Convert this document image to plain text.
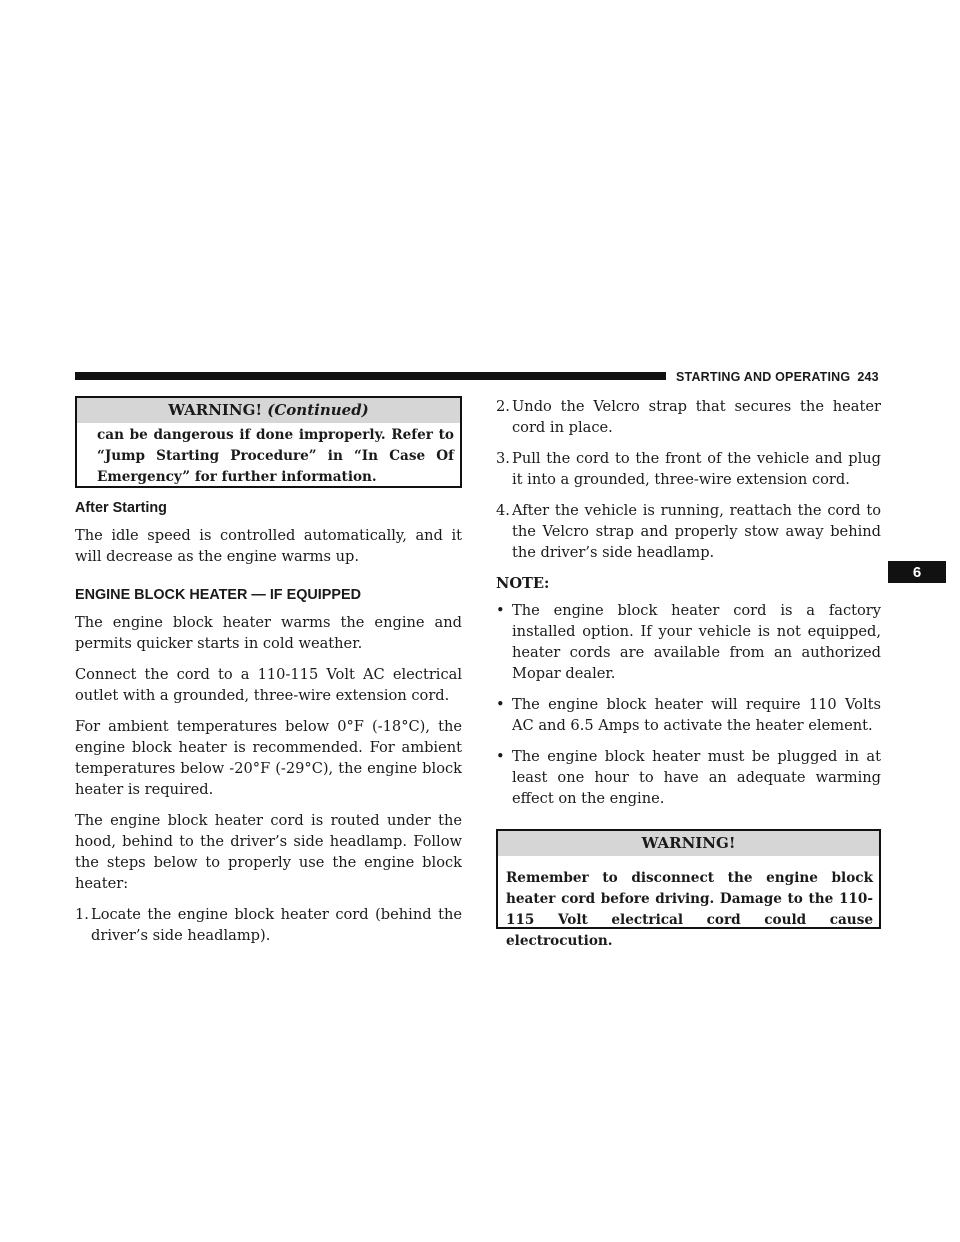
STARTING AND OPERATING 243
6
WARNING! (Continued)
can be dangerous if done improperly. Refer to “Jump Starting Procedure” in “In Case Of Emergency” for further information.
After Starting

The idle speed is controlled automatically, and it will decrease as the engine warms up.

ENGINE BLOCK HEATER — IF EQUIPPED

The engine block heater warms the engine and permits quicker starts in cold weather.

Connect the cord to a 110-115 Volt AC electrical outlet with a grounded, three-wire extension cord.

For ambient temperatures below 0°F (-18°C), the engine block heater is recommended. For ambient temperatures below -20°F (-29°C), the engine block heater is required.

The engine block heater cord is routed under the hood, behind to the driver’s side headlamp. Follow the steps below to properly use the engine block heater:

1. Locate the engine block heater cord (behind the driver’s side headlamp).
2. Undo the Velcro strap that secures the heater cord in place.
3. Pull the cord to the front of the vehicle and plug it into a grounded, three-wire extension cord.
4. After the vehicle is running, reattach the cord to the Velcro strap and properly stow away behind the driver’s side headlamp.
NOTE:
• The engine block heater cord is a factory installed option. If your vehicle is not equipped, heater cords are available from an authorized Mopar dealer.
• The engine block heater will require 110 Volts AC and 6.5 Amps to activate the heater element.
• The engine block heater must be plugged in at least one hour to have an adequate warming effect on the engine.
WARNING!
Remember to disconnect the engine block heater cord before driving. Damage to the 110-115 Volt electrical cord could cause electrocution.
